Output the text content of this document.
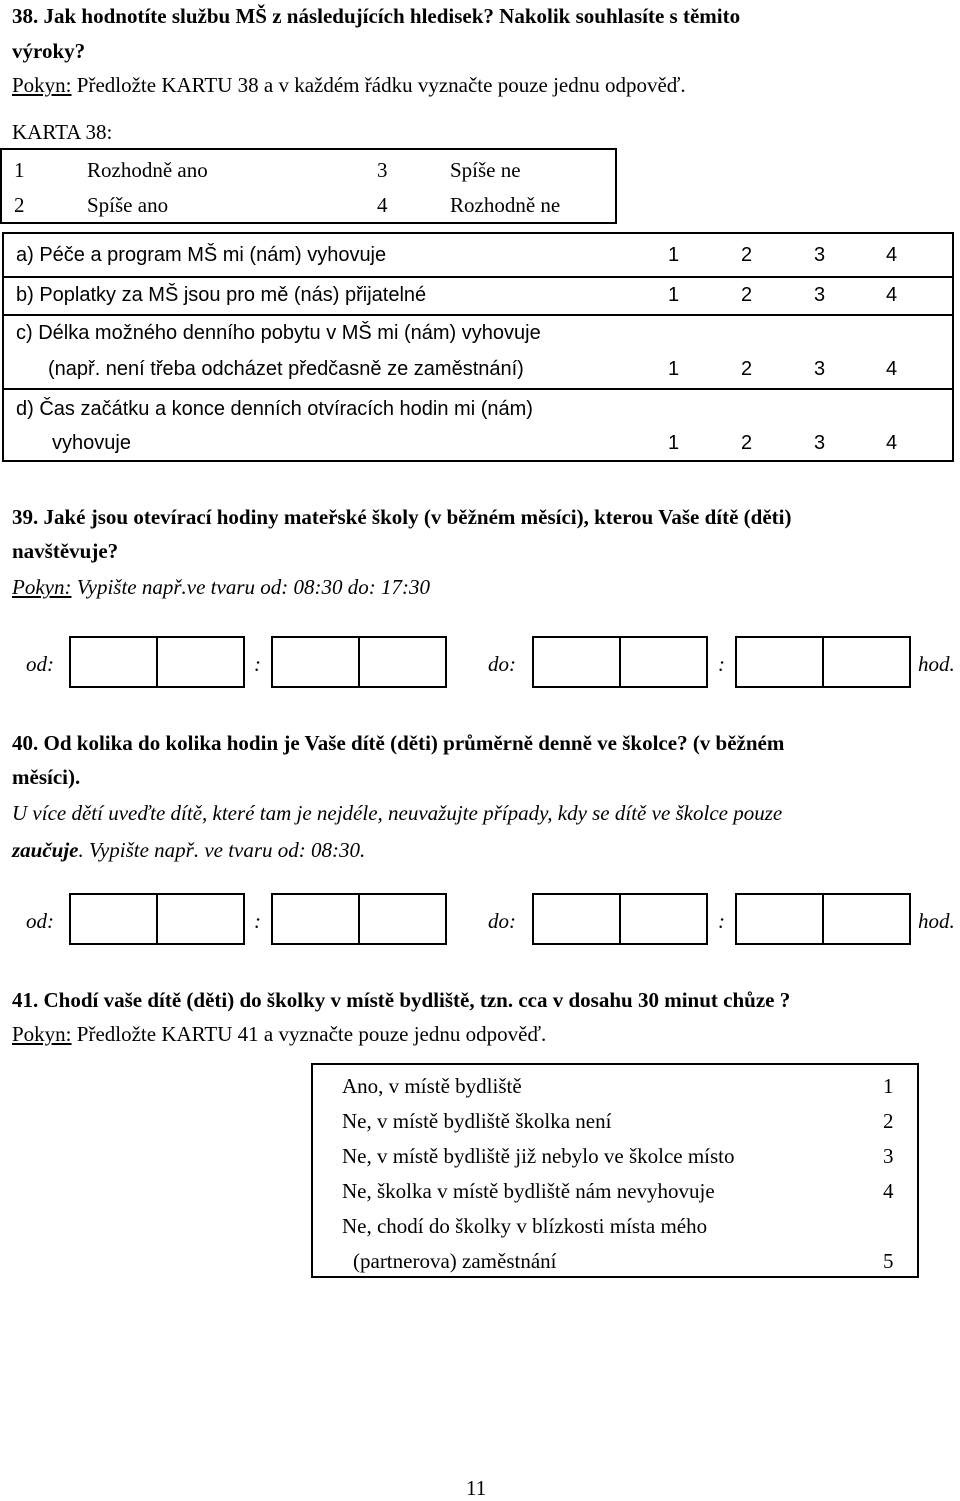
38. Jak hodnotíte službu MŠ z následujících hledisek? Nakolik souhlasíte s těmito
výroky?
Pokyn: Předložte KARTU 38 a v každém řádku vyznačte pouze jednu odpověď.
KARTA 38:
1	Rozhodně ano	3	Spíše ne
2	Spíše ano	4	Rozhodně ne
a) Péče a program MŠ mi (nám) vyhovuje	1	2	3	4
b) Poplatky za MŠ jsou pro mě (nás) přijatelné	1	2	3	4
c) Délka možného denního pobytu v MŠ mi (nám) vyhovuje
(např. není třeba odcházet předčasně ze zaměstnání)	1	2	3	4
d) Čas začátku a konce denních otvíracích hodin mi (nám)
vyhovuje	1	2	3	4
39. Jaké jsou otevírací hodiny mateřské školy (v běžném měsíci), kterou Vaše dítě (děti)
navštěvuje?
Pokyn: Vypište např.ve tvaru od: 08:30 do: 17:30
od:	:	do:	:	hod.
40. Od kolika do kolika hodin je Vaše dítě (děti) průměrně denně ve školce? (v běžném
měsíci).
U více dětí uveďte dítě, které tam je nejdéle, neuvažujte případy, kdy se dítě ve školce pouze
zaučuje. Vypište např. ve tvaru od: 08:30.
od:	:	do:	:	hod.
41. Chodí vaše dítě (děti) do školky v místě bydliště, tzn. cca v dosahu 30 minut chůze ?
Pokyn: Předložte KARTU 41 a vyznačte pouze jednu odpověď.
Ano, v místě bydliště	1
Ne, v místě bydliště školka není	2
Ne, v místě bydliště již nebylo ve školce místo	3
Ne, školka v místě bydliště nám nevyhovuje	4
Ne, chodí do školky v blízkosti místa mého
(partnerova) zaměstnání	5
11
